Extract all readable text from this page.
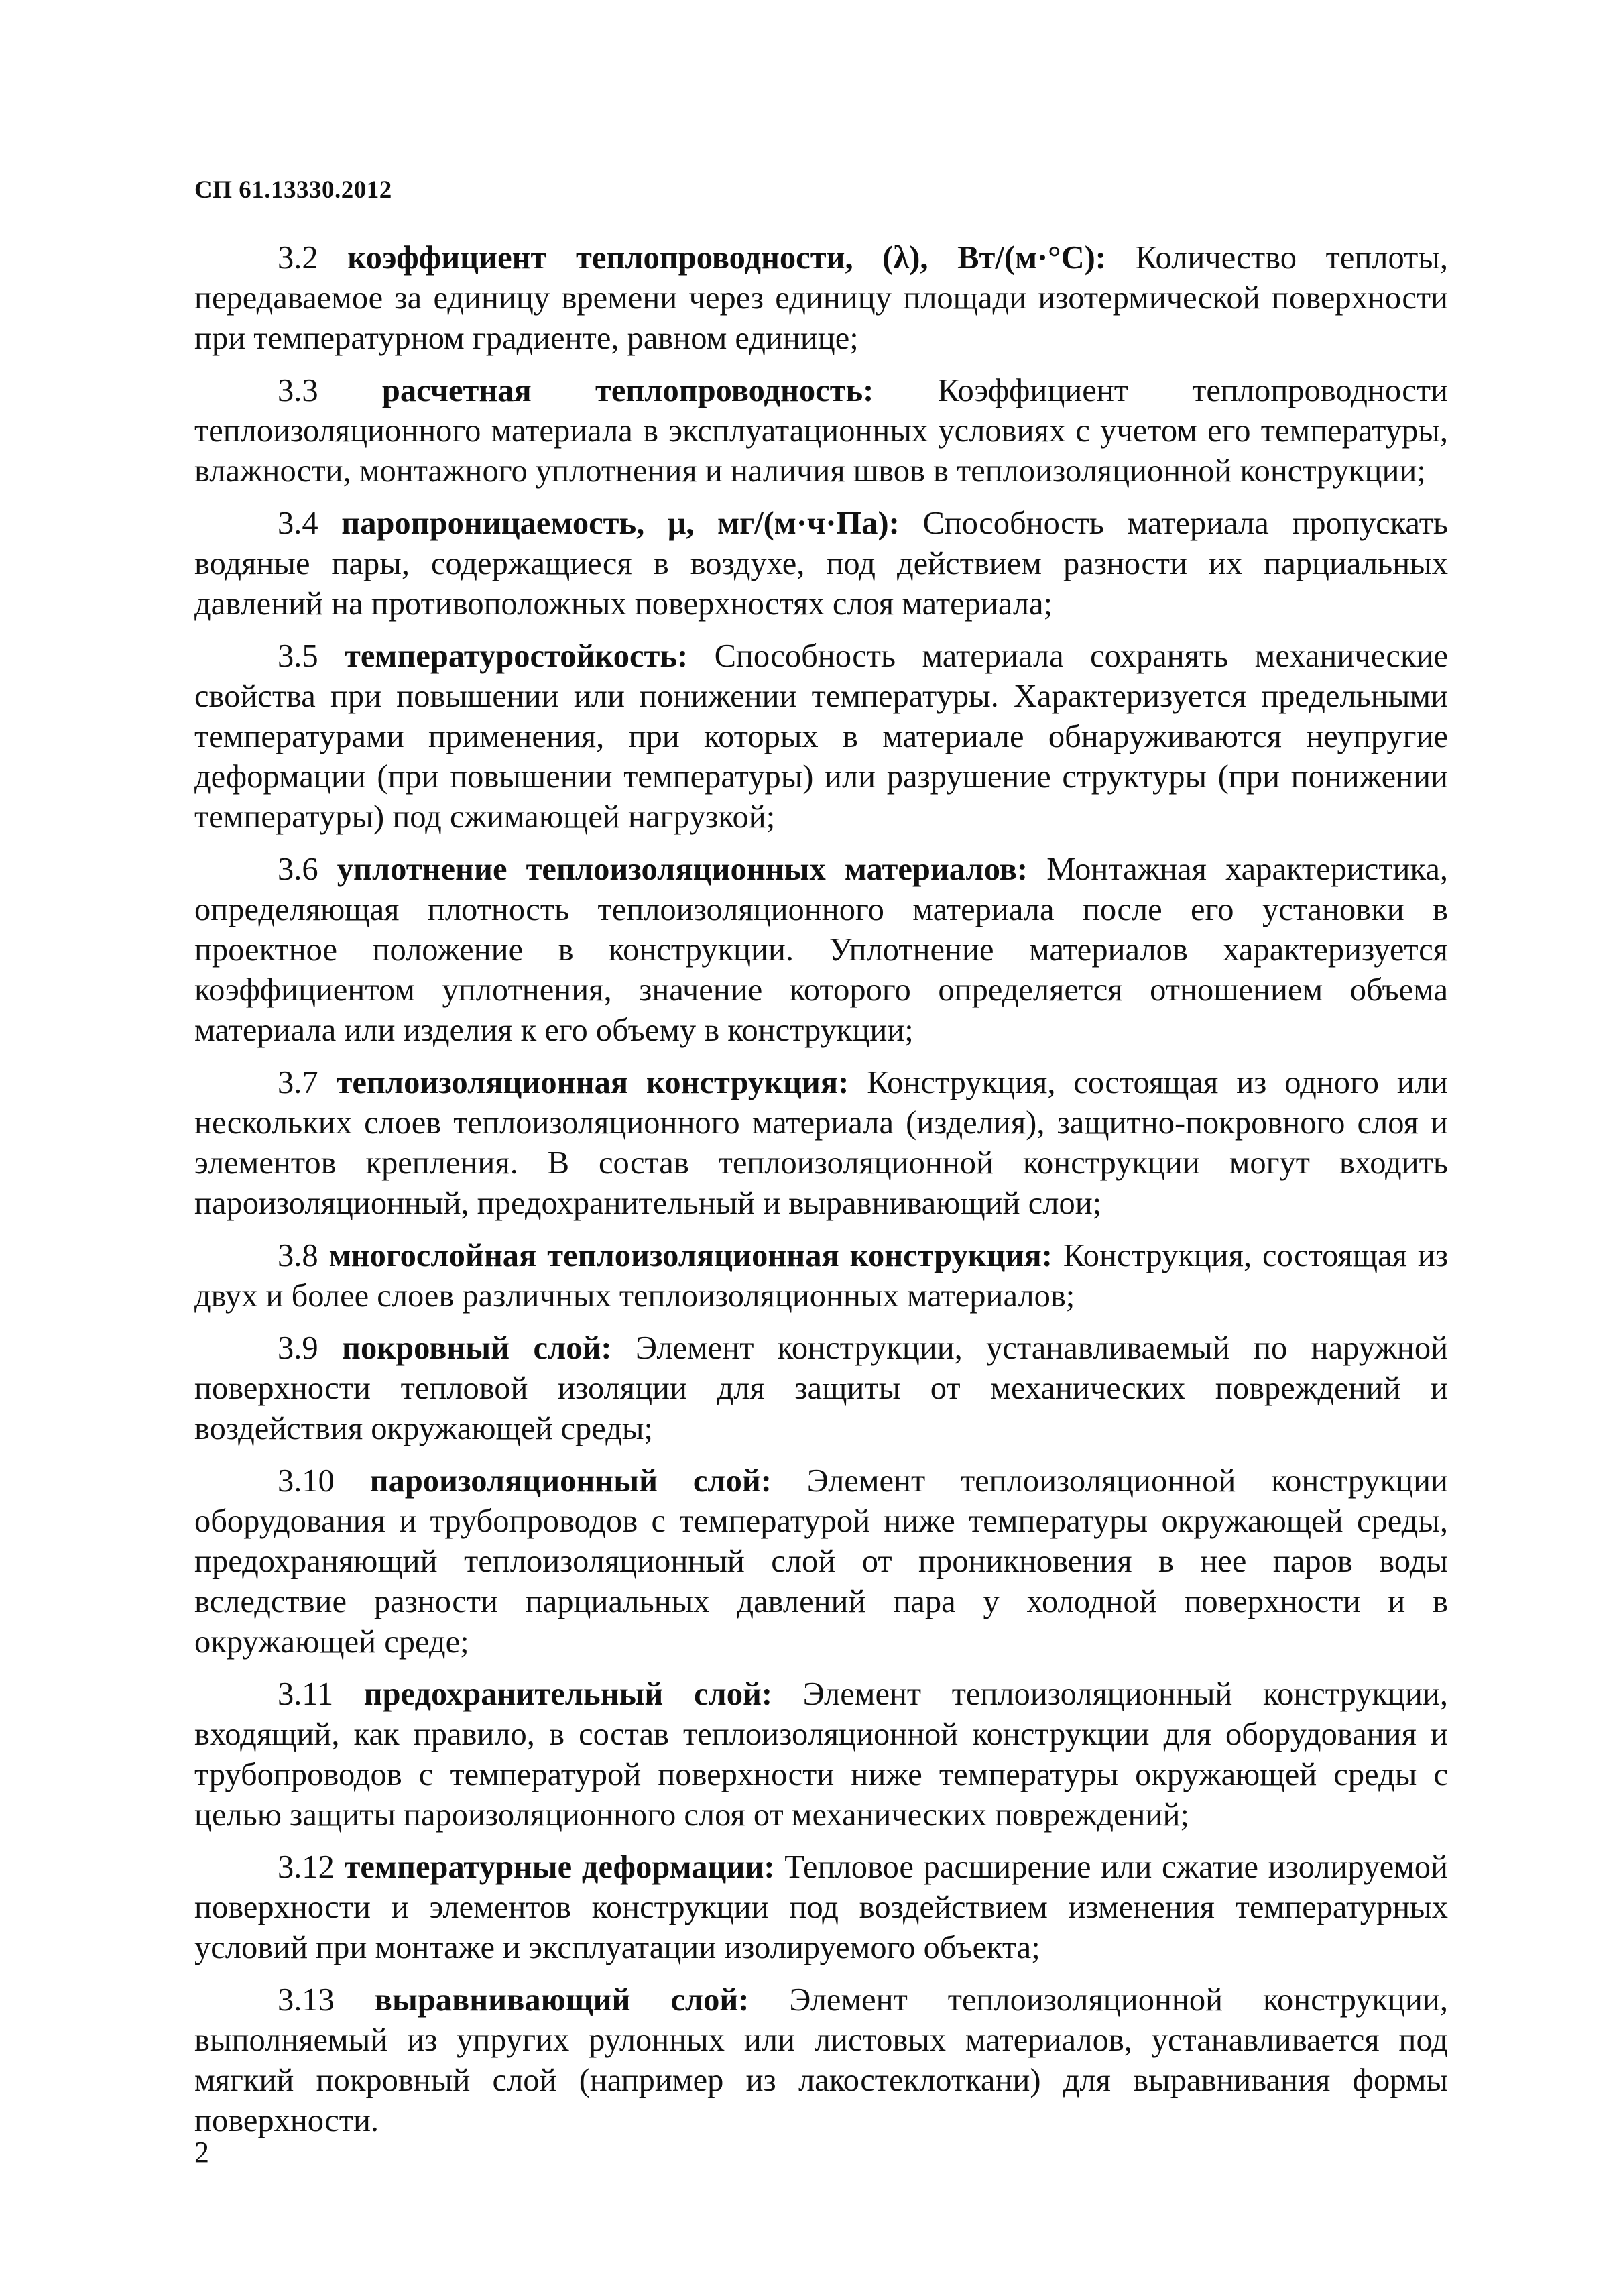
СП 61.13330.2012

3.2 коэффициент теплопроводности, (λ), Вт/(м·°С): Количество теплоты, передаваемое за единицу времени через единицу площади изотермической поверхности при температурном градиенте, равном единице;

3.3 расчетная теплопроводность: Коэффициент теплопроводности теплоизоляционного материала в эксплуатационных условиях с учетом его температуры, влажности, монтажного уплотнения и наличия швов в теплоизоляционной конструкции;

3.4 паропроницаемость, μ, мг/(м·ч·Па): Способность материала пропускать водяные пары, содержащиеся в воздухе, под действием разности их парциальных давлений на противоположных поверхностях слоя материала;

3.5 температуростойкость: Способность материала сохранять механические свойства при повышении или понижении температуры. Характеризуется предельными температурами применения, при которых в материале обнаруживаются неупругие деформации (при повышении температуры) или разрушение структуры (при понижении температуры) под сжимающей нагрузкой;

3.6 уплотнение теплоизоляционных материалов: Монтажная характеристика, определяющая плотность теплоизоляционного материала после его установки в проектное положение в конструкции. Уплотнение материалов характеризуется коэффициентом уплотнения, значение которого определяется отношением объема материала или изделия к его объему в конструкции;

3.7 теплоизоляционная конструкция: Конструкция, состоящая из одного или нескольких слоев теплоизоляционного материала (изделия), защитно-покровного слоя и элементов крепления. В состав теплоизоляционной конструкции могут входить пароизоляционный, предохранительный и выравнивающий слои;

3.8 многослойная теплоизоляционная конструкция: Конструкция, состоящая из двух и более слоев различных теплоизоляционных материалов;

3.9 покровный слой: Элемент конструкции, устанавливаемый по наружной поверхности тепловой изоляции для защиты от механических повреждений и воздействия окружающей среды;

3.10 пароизоляционный слой: Элемент теплоизоляционной конструкции оборудования и трубопроводов с температурой ниже температуры окружающей среды, предохраняющий теплоизоляционный слой от проникновения в нее паров воды вследствие разности парциальных давлений пара у холодной поверхности и в окружающей среде;

3.11 предохранительный слой: Элемент теплоизоляционный конструкции, входящий, как правило, в состав теплоизоляционной конструкции для оборудования и трубопроводов с температурой поверхности ниже температуры окружающей среды с целью защиты пароизоляционного слоя от механических повреждений;

3.12 температурные деформации: Тепловое расширение или сжатие изолируемой поверхности и элементов конструкции под воздействием изменения температурных условий при монтаже и эксплуатации изолируемого объекта;

3.13 выравнивающий слой: Элемент теплоизоляционной конструкции, выполняемый из упругих рулонных или листовых материалов, устанавливается под мягкий покровный слой (например из лакостеклоткани) для выравнивания формы поверхности.

2
